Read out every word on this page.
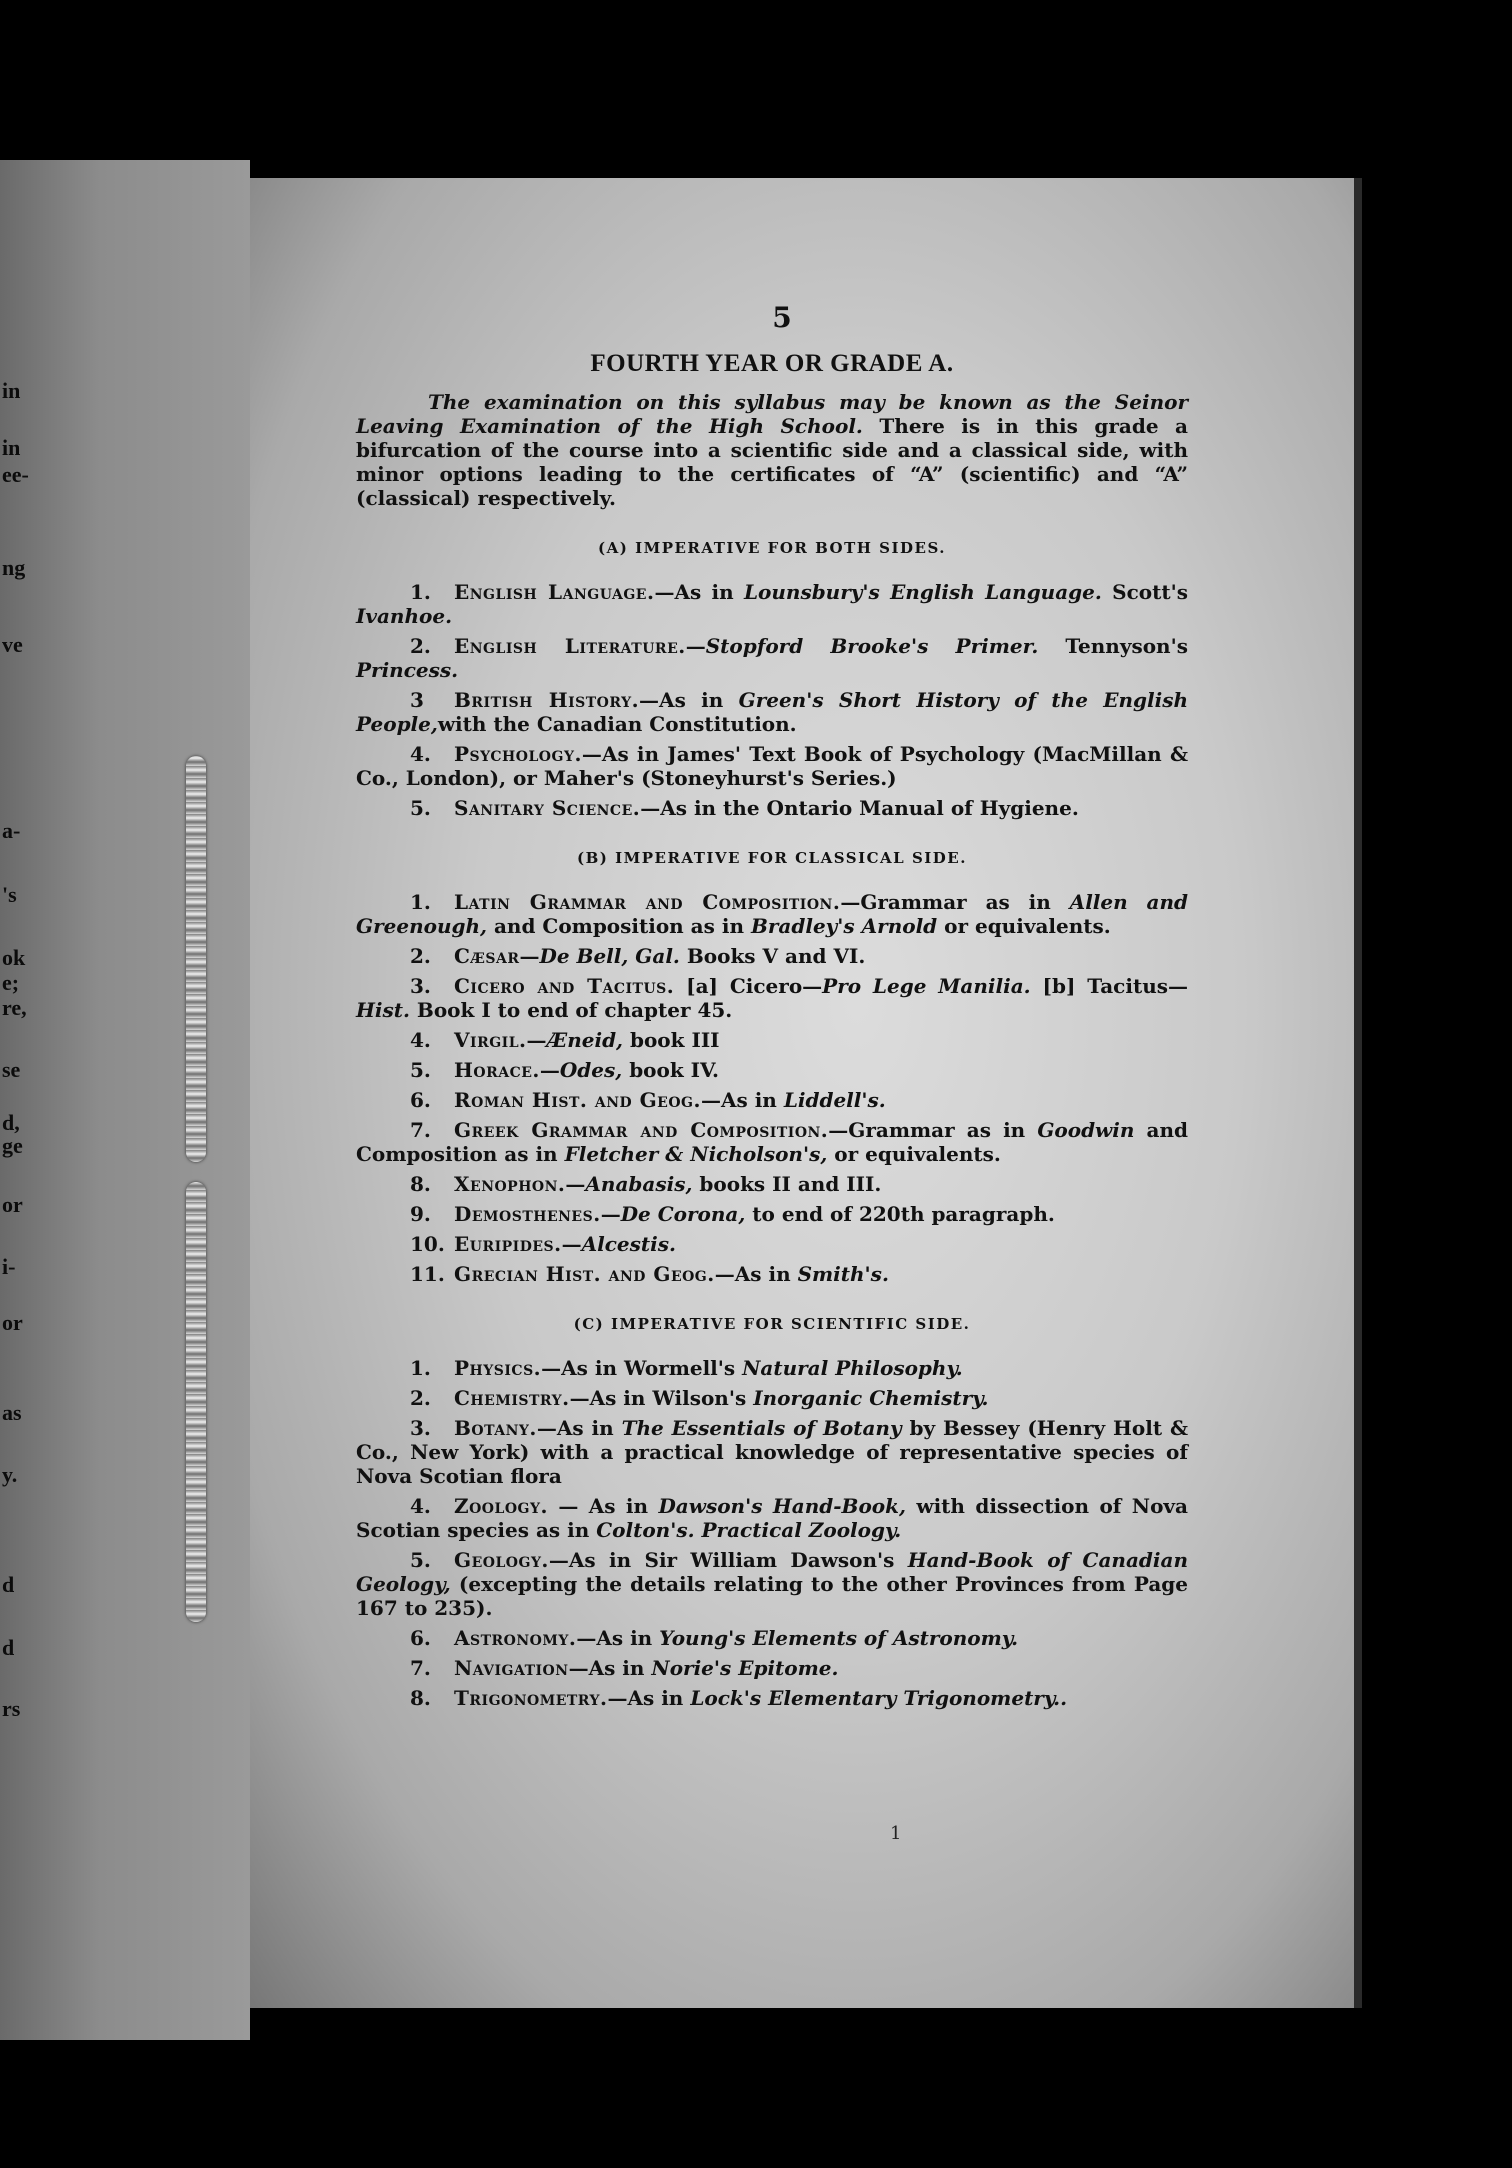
in
in
ee-
ng
ve
a-
's
ok
e;
re,
se
d,
ge
or
i-
or
as
y.
d
d
rs
5
FOURTH YEAR OR GRADE A.
The examination on this syllabus may be known as the Seinor Leaving Examination of the High School. There is in this grade a bifurcation of the course into a scientific side and a classical side, with minor options leading to the certificates of “A” (scientific) and “A” (classical) respectively.
(A) IMPERATIVE FOR BOTH SIDES.
1. English Language.—As in Lounsbury's English Language. Scott's Ivanhoe.
2. English Literature.—Stopford Brooke's Primer. Tennyson's Princess.
3 British History.—As in Green's Short History of the English People,with the Canadian Constitution.
4. Psychology.—As in James' Text Book of Psychology (MacMillan & Co., London), or Maher's (Stoneyhurst's Series.)
5. Sanitary Science.—As in the Ontario Manual of Hygiene.
(B) IMPERATIVE FOR CLASSICAL SIDE.
1. Latin Grammar and Composition.—Grammar as in Allen and Greenough, and Composition as in Bradley's Arnold or equivalents.
2. Cæsar—De Bell, Gal. Books V and VI.
3. Cicero and Tacitus. [a] Cicero—Pro Lege Manilia. [b] Tacitus—Hist. Book I to end of chapter 45.
4. Virgil.—Æneid, book III
5. Horace.—Odes, book IV.
6. Roman Hist. and Geog.—As in Liddell's.
7. Greek Grammar and Composition.—Grammar as in Goodwin and Composition as in Fletcher & Nicholson's, or equivalents.
8. Xenophon.—Anabasis, books II and III.
9. Demosthenes.—De Corona, to end of 220th paragraph.
10. Euripides.—Alcestis.
11. Grecian Hist. and Geog.—As in Smith's.
(C) IMPERATIVE FOR SCIENTIFIC SIDE.
1. Physics.—As in Wormell's Natural Philosophy.
2. Chemistry.—As in Wilson's Inorganic Chemistry.
3. Botany.—As in The Essentials of Botany by Bessey (Henry Holt & Co., New York) with a practical knowledge of representative species of Nova Scotian flora
4. Zoology. — As in Dawson's Hand-Book, with dissection of Nova Scotian species as in Colton's. Practical Zoology.
5. Geology.—As in Sir William Dawson's Hand-Book of Canadian Geology, (excepting the details relating to the other Provinces from Page 167 to 235).
6. Astronomy.—As in Young's Elements of Astronomy.
7. Navigation—As in Norie's Epitome.
8. Trigonometry.—As in Lock's Elementary Trigonometry..
1
